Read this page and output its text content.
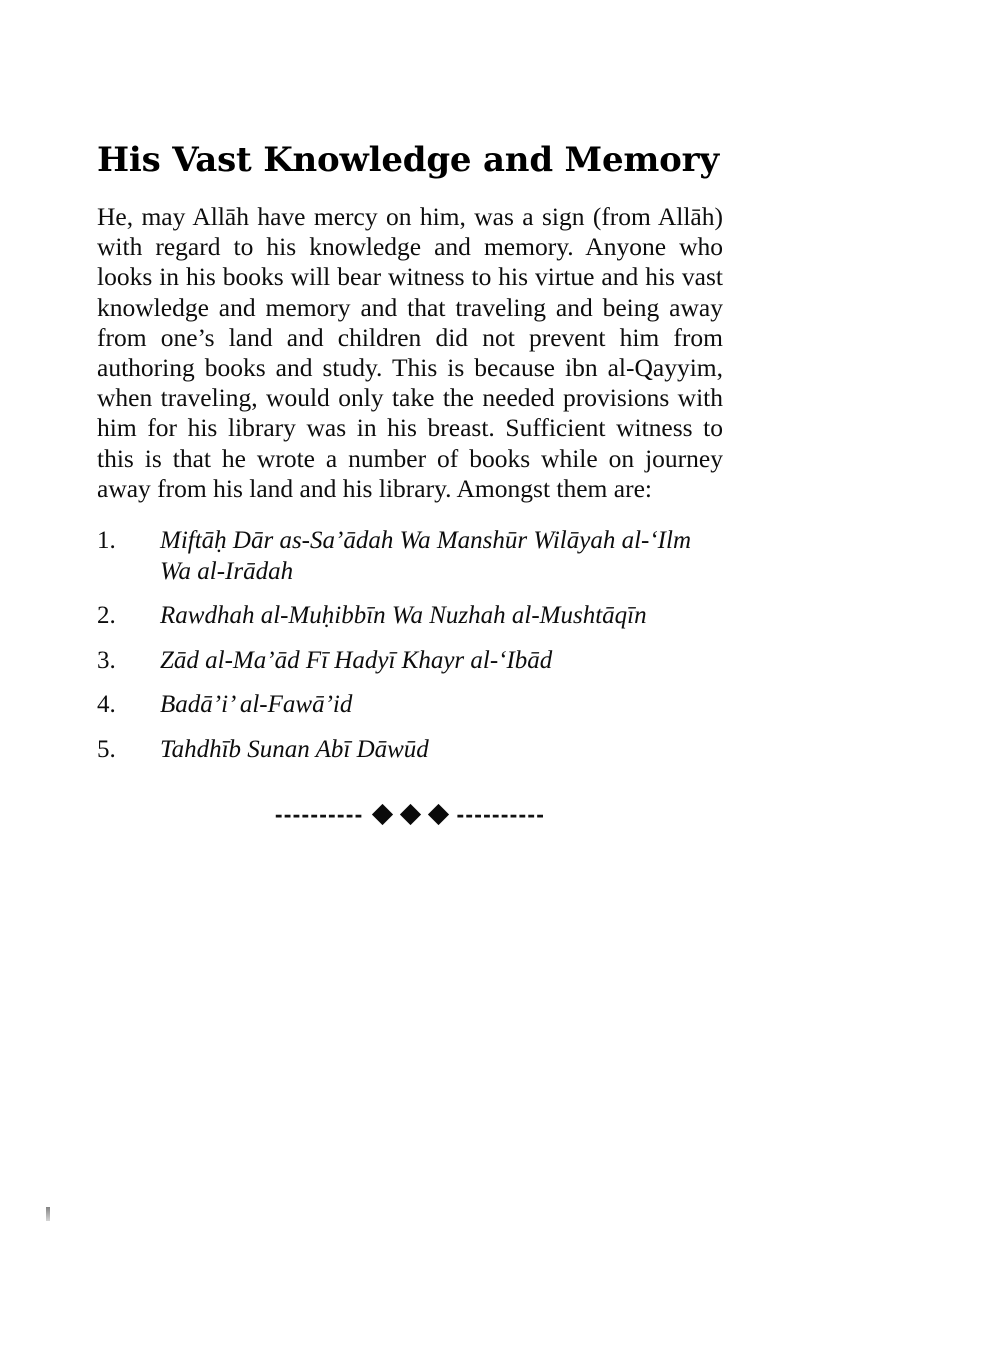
His Vast Knowledge and Memory

He, may Allāh have mercy on him, was a sign (from Allāh) with regard to his knowledge and memory. Anyone who looks in his books will bear witness to his virtue and his vast knowledge and memory and that traveling and being away from one’s land and children did not prevent him from authoring books and study. This is because ibn al-Qayyim, when traveling, would only take the needed provisions with him for his library was in his breast. Sufficient witness to this is that he wrote a number of books while on journey away from his land and his library. Amongst them are:

1.	Miftāḥ Dār as-Sa’ādah Wa Manshūr Wilāyah al-‘Ilm Wa al-Irādah
2.	Rawdhah al-Muḥibbīn Wa Nuzhah al-Mushtāqīn
3.	Zād al-Ma’ād Fī Hadyī Khayr al-‘Ibād
4.	Badā’i’ al-Fawā’id
5.	Tahdhīb Sunan Abī Dāwūd
----------	----------
